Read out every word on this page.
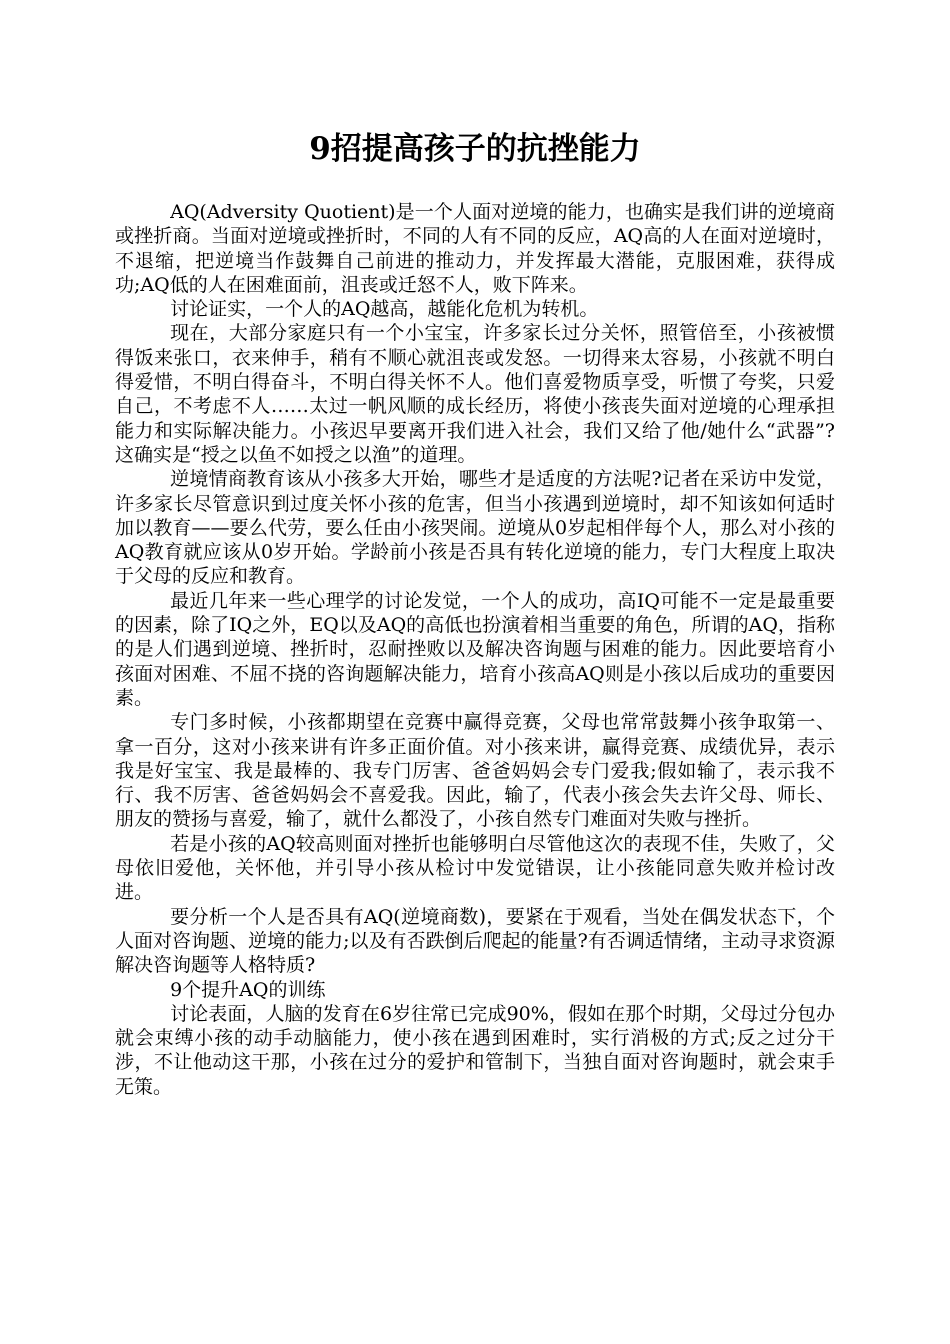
9招提高孩子的抗挫能力

AQ(Adversity Quotient)是一个人面对逆境的能力，也确实是我们讲的逆境商或挫折商。当面对逆境或挫折时，不同的人有不同的反应，AQ高的人在面对逆境时，不退缩，把逆境当作鼓舞自己前进的推动力，并发挥最大潜能，克服困难，获得成功;AQ低的人在困难面前，沮丧或迁怒不人，败下阵来。

讨论证实，一个人的AQ越高，越能化危机为转机。

现在，大部分家庭只有一个小宝宝，许多家长过分关怀，照管倍至，小孩被惯得饭来张口，衣来伸手，稍有不顺心就沮丧或发怒。一切得来太容易，小孩就不明白得爱惜，不明白得奋斗，不明白得关怀不人。他们喜爱物质享受，听惯了夸奖，只爱自己，不考虑不人……太过一帆风顺的成长经历，将使小孩丧失面对逆境的心理承担能力和实际解决能力。小孩迟早要离开我们进入社会，我们又给了他/她什么“武器”?这确实是“授之以鱼不如授之以渔”的道理。

逆境情商教育该从小孩多大开始，哪些才是适度的方法呢?记者在采访中发觉，许多家长尽管意识到过度关怀小孩的危害，但当小孩遇到逆境时，却不知该如何适时加以教育——要么代劳，要么任由小孩哭闹。逆境从0岁起相伴每个人，那么对小孩的AQ教育就应该从0岁开始。学龄前小孩是否具有转化逆境的能力，专门大程度上取决于父母的反应和教育。

最近几年来一些心理学的讨论发觉，一个人的成功，高IQ可能不一定是最重要的因素，除了IQ之外，EQ以及AQ的高低也扮演着相当重要的角色，所谓的AQ，指称的是人们遇到逆境、挫折时，忍耐挫败以及解决咨询题与困难的能力。因此要培育小孩面对困难、不屈不挠的咨询题解决能力，培育小孩高AQ则是小孩以后成功的重要因素。

专门多时候，小孩都期望在竞赛中赢得竞赛，父母也常常鼓舞小孩争取第一、拿一百分，这对小孩来讲有许多正面价值。对小孩来讲，赢得竞赛、成绩优异，表示我是好宝宝、我是最棒的、我专门厉害、爸爸妈妈会专门爱我;假如输了，表示我不行、我不厉害、爸爸妈妈会不喜爱我。因此，输了，代表小孩会失去许父母、师长、朋友的赞扬与喜爱，输了，就什么都没了，小孩自然专门难面对失败与挫折。

若是小孩的AQ较高则面对挫折也能够明白尽管他这次的表现不佳，失败了，父母依旧爱他，关怀他，并引导小孩从检讨中发觉错误，让小孩能同意失败并检讨改进。

要分析一个人是否具有AQ(逆境商数)，要紧在于观看，当处在偶发状态下，个人面对咨询题、逆境的能力;以及有否跌倒后爬起的能量?有否调适情绪，主动寻求资源解决咨询题等人格特质?

9个提升AQ的训练

讨论表面，人脑的发育在6岁往常已完成90%，假如在那个时期，父母过分包办就会束缚小孩的动手动脑能力，使小孩在遇到困难时，实行消极的方式;反之过分干涉，不让他动这干那，小孩在过分的爱护和管制下，当独自面对咨询题时，就会束手无策。
